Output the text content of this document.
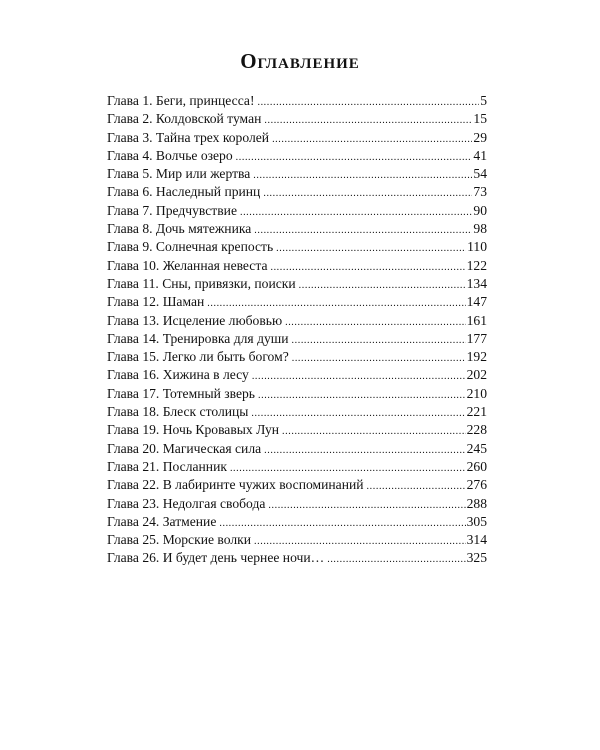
Оглавление
Глава 1. Беги, принцесса! .....	5
Глава 2. Колдовской туман .....	15
Глава 3. Тайна трех королей .....	29
Глава 4. Волчье озеро .....	41
Глава 5. Мир или жертва .....	54
Глава 6. Наследный принц .....	73
Глава 7. Предчувствие .....	90
Глава 8. Дочь мятежника .....	98
Глава 9. Солнечная крепость .....	110
Глава 10. Желанная невеста .....	122
Глава 11. Сны, привязки, поиски .....	134
Глава 12. Шаман .....	147
Глава 13. Исцеление любовью .....	161
Глава 14. Тренировка для души .....	177
Глава 15. Легко ли быть богом? .....	192
Глава 16. Хижина в лесу .....	202
Глава 17. Тотемный зверь .....	210
Глава 18. Блеск столицы .....	221
Глава 19. Ночь Кровавых Лун .....	228
Глава 20. Магическая сила .....	245
Глава 21. Посланник .....	260
Глава 22. В лабиринте чужих воспоминаний .....	276
Глава 23. Недолгая свобода .....	288
Глава 24. Затмение .....	305
Глава 25. Морские волки .....	314
Глава 26. И будет день чернее ночи… .....	325
